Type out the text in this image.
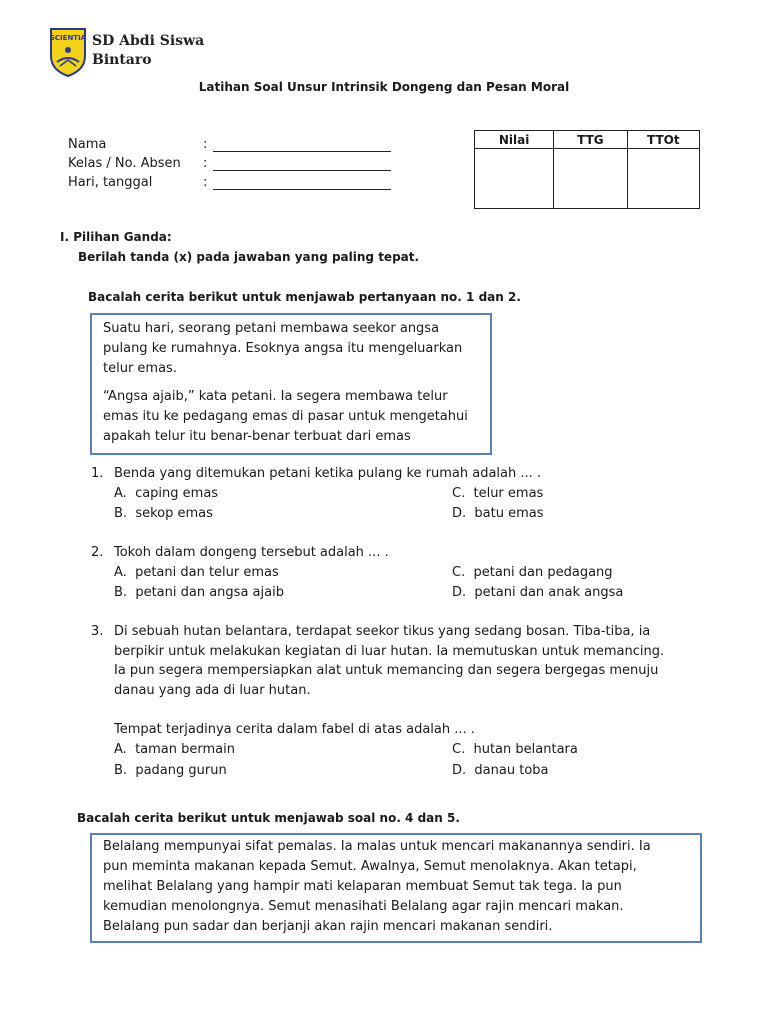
SCIENTIA SD Abdi Siswa
Bintaro
Latihan Soal Unsur Intrinsik Dongeng dan Pesan Moral
Nama	:
Kelas / No. Absen :
Hari, tanggal	:
Nilai	TTG	TTOt

I. Pilihan Ganda:
Berilah tanda (x) pada jawaban yang paling tepat.
Bacalah cerita berikut untuk menjawab pertanyaan no. 1 dan 2.
Suatu hari, seorang petani membawa seekor angsa
pulang ke rumahnya. Esoknya angsa itu mengeluarkan
telur emas.
“Angsa ajaib,” kata petani. Ia segera membawa telur
emas itu ke pedagang emas di pasar untuk mengetahui
apakah telur itu benar-benar terbuat dari emas
1. Benda yang ditemukan petani ketika pulang ke rumah adalah ... .
A. caping emas	C. telur emas
B. sekop emas	D. batu emas
2. Tokoh dalam dongeng tersebut adalah ... .
A. petani dan telur emas	C. petani dan pedagang
B. petani dan angsa ajaib	D. petani dan anak angsa
3. Di sebuah hutan belantara, terdapat seekor tikus yang sedang bosan. Tiba-tiba, ia
berpikir untuk melakukan kegiatan di luar hutan. Ia memutuskan untuk memancing.
Ia pun segera mempersiapkan alat untuk memancing dan segera bergegas menuju
danau yang ada di luar hutan.
Tempat terjadinya cerita dalam fabel di atas adalah ... .
A. taman bermain	C. hutan belantara
B. padang gurun	D. danau toba
Bacalah cerita berikut untuk menjawab soal no. 4 dan 5.
Belalang mempunyai sifat pemalas. Ia malas untuk mencari makanannya sendiri. Ia
pun meminta makanan kepada Semut. Awalnya, Semut menolaknya. Akan tetapi,
melihat Belalang yang hampir mati kelaparan membuat Semut tak tega. Ia pun
kemudian menolongnya. Semut menasihati Belalang agar rajin mencari makan.
Belalang pun sadar dan berjanji akan rajin mencari makanan sendiri.
